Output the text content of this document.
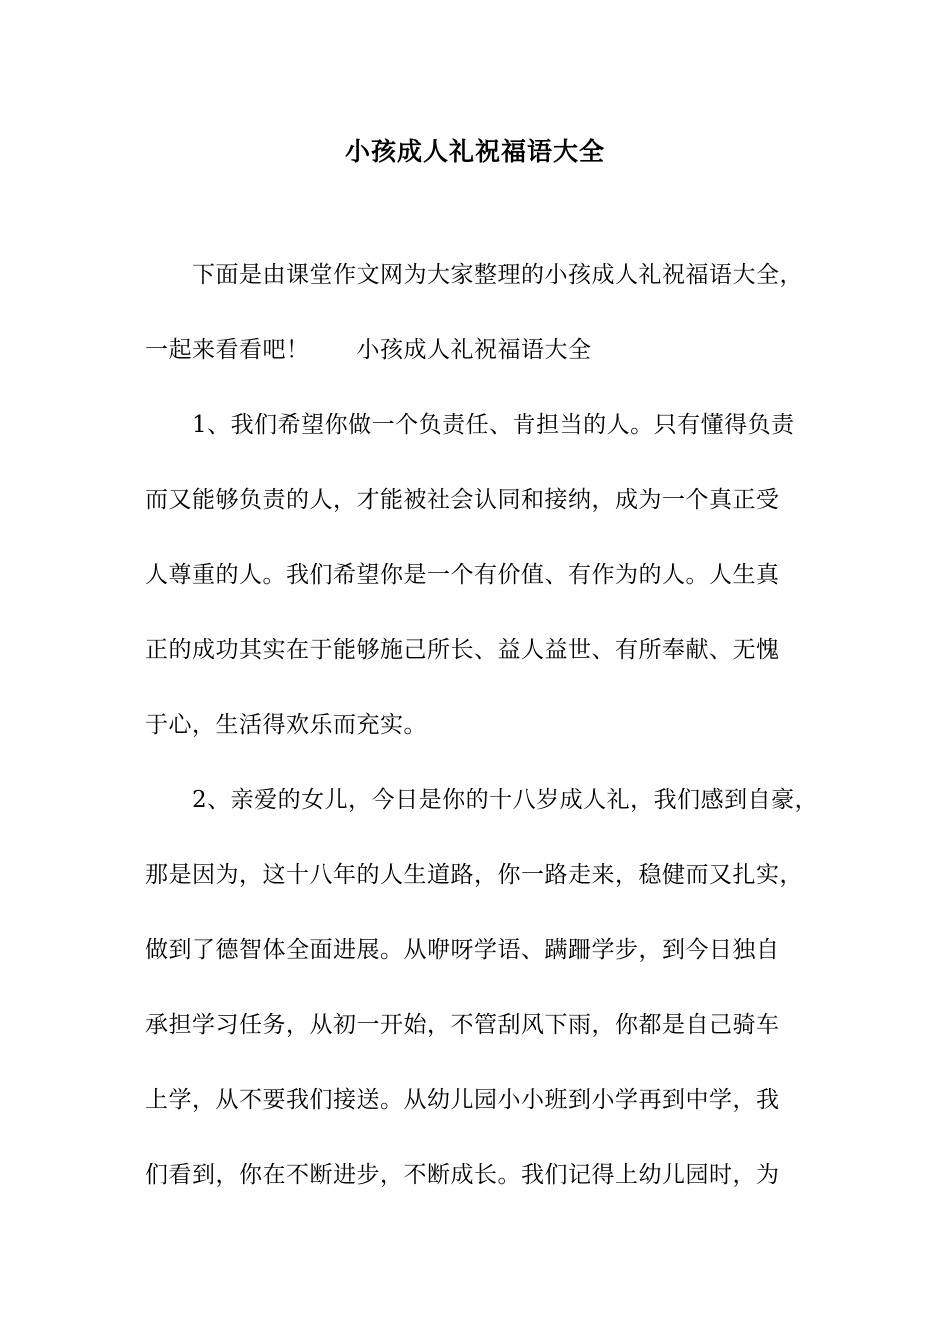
小孩成人礼祝福语大全
　　下面是由课堂作文网为大家整理的小孩成人礼祝福语大全，
一起来看看吧！　　小孩成人礼祝福语大全
　　1、我们希望你做一个负责任、肯担当的人。只有懂得负责
而又能够负责的人，才能被社会认同和接纳，成为一个真正受
人尊重的人。我们希望你是一个有价值、有作为的人。人生真
正的成功其实在于能够施己所长、益人益世、有所奉献、无愧
于心，生活得欢乐而充实。
　　2、亲爱的女儿，今日是你的十八岁成人礼，我们感到自豪，
那是因为，这十八年的人生道路，你一路走来，稳健而又扎实，
做到了德智体全面进展。从咿呀学语、蹒跚学步，到今日独自
承担学习任务，从初一开始，不管刮风下雨，你都是自己骑车
上学，从不要我们接送。从幼儿园小小班到小学再到中学，我
们看到，你在不断进步，不断成长。我们记得上幼儿园时，为
